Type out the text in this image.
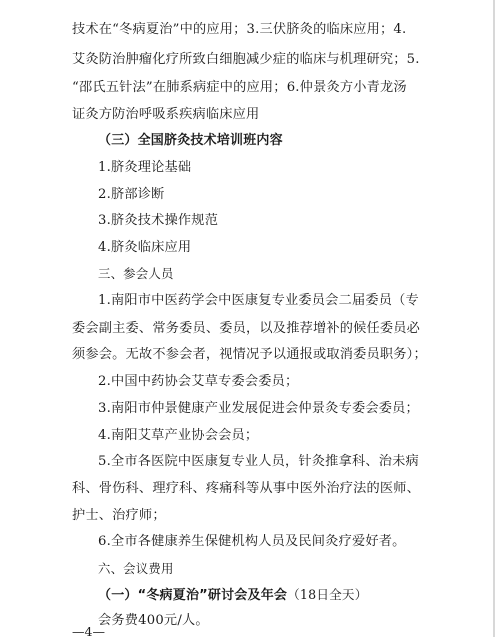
技术在“冬病夏治”中的应用；3.三伏脐灸的临床应用；4.
艾灸防治肿瘤化疗所致白细胞减少症的临床与机理研究；5.
“邵氏五针法”在肺系病症中的应用；6.仲景灸方小青龙汤
证灸方防治呼吸系疾病临床应用
（三）全国脐灸技术培训班内容
1.脐灸理论基础
2.脐部诊断
3.脐灸技术操作规范
4.脐灸临床应用
三、参会人员
1.南阳市中医药学会中医康复专业委员会二届委员（专
委会副主委、常务委员、委员，以及推荐增补的候任委员必
须参会。无故不参会者，视情况予以通报或取消委员职务）；
2.中国中药协会艾草专委会委员；
3.南阳市仲景健康产业发展促进会仲景灸专委会委员；
4.南阳艾草产业协会会员；
5.全市各医院中医康复专业人员，针灸推拿科、治未病
科、骨伤科、理疗科、疼痛科等从事中医外治疗法的医师、
护士、治疗师；
6.全市各健康养生保健机构人员及民间灸疗爱好者。
六、会议费用
（一）“冬病夏治”研讨会及年会（18日全天）
会务费400元/人。
—4—
